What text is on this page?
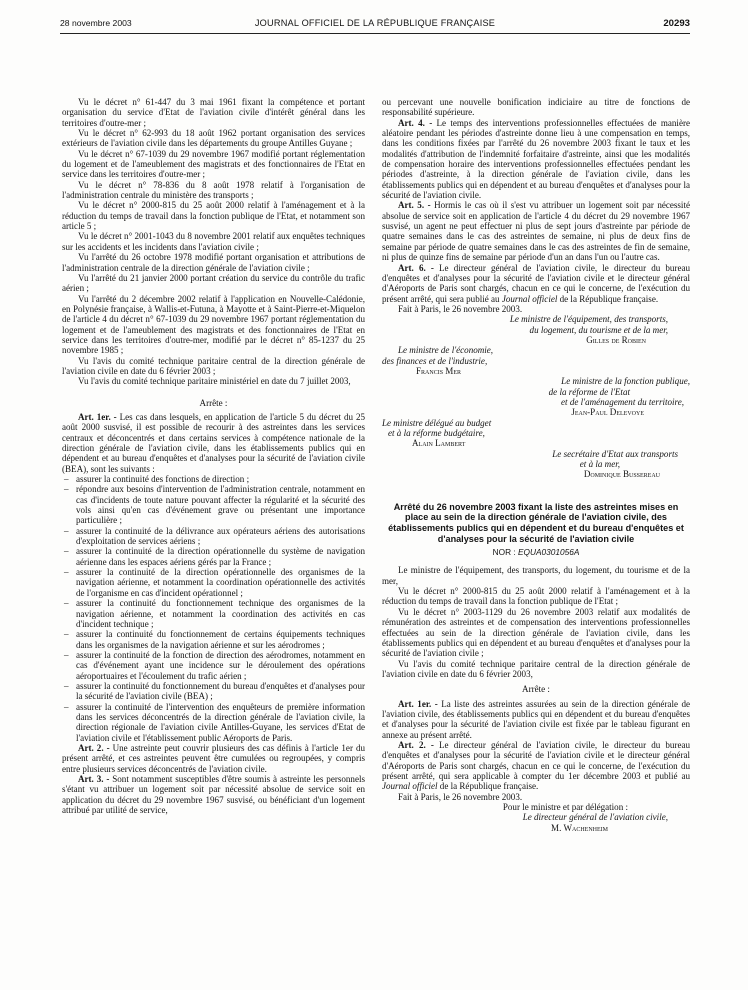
28 novembre 2003	JOURNAL OFFICIEL DE LA RÉPUBLIQUE FRANÇAISE	20293

Vu le décret n° 61-447 du 3 mai 1961 fixant la compétence et portant organisation du service d'Etat de l'aviation civile d'intérêt général dans les territoires d'outre-mer ;

Vu le décret n° 62-993 du 18 août 1962 portant organisation des services extérieurs de l'aviation civile dans les départements du groupe Antilles Guyane ;

Vu le décret n° 67-1039 du 29 novembre 1967 modifié portant réglementation du logement et de l'ameublement des magistrats et des fonctionnaires de l'Etat en service dans les territoires d'outre-mer ;

Vu le décret n° 78-836 du 8 août 1978 relatif à l'organisation de l'administration centrale du ministère des transports ;

Vu le décret n° 2000-815 du 25 août 2000 relatif à l'aménagement et à la réduction du temps de travail dans la fonction publique de l'Etat, et notamment son article 5 ;

Vu le décret n° 2001-1043 du 8 novembre 2001 relatif aux enquêtes techniques sur les accidents et les incidents dans l'aviation civile ;

Vu l'arrêté du 26 octobre 1978 modifié portant organisation et attributions de l'administration centrale de la direction générale de l'aviation civile ;

Vu l'arrêté du 21 janvier 2000 portant création du service du contrôle du trafic aérien ;

Vu l'arrêté du 2 décembre 2002 relatif à l'application en Nouvelle-Calédonie, en Polynésie française, à Wallis-et-Futuna, à Mayotte et à Saint-Pierre-et-Miquelon de l'article 4 du décret n° 67-1039 du 29 novembre 1967 portant réglementation du logement et de l'ameublement des magistrats et des fonctionnaires de l'Etat en service dans les territoires d'outre-mer, modifié par le décret n° 85-1237 du 25 novembre 1985 ;

Vu l'avis du comité technique paritaire central de la direction générale de l'aviation civile en date du 6 février 2003 ;

Vu l'avis du comité technique paritaire ministériel en date du 7 juillet 2003,

Arrête :

Art. 1er. - Les cas dans lesquels, en application de l'article 5 du décret du 25 août 2000 susvisé, il est possible de recourir à des astreintes dans les services centraux et déconcentrés et dans certains services à compétence nationale de la direction générale de l'aviation civile, dans les établissements publics qui en dépendent et au bureau d'enquêtes et d'analyses pour la sécurité de l'aviation civile (BEA), sont les suivants :

– assurer la continuité des fonctions de direction ;
– répondre aux besoins d'intervention de l'administration centrale, notamment en cas d'incidents de toute nature pouvant affecter la régularité et la sécurité des vols ainsi qu'en cas d'événement grave ou présentant une importance particulière ;
– assurer la continuité de la délivrance aux opérateurs aériens des autorisations d'exploitation de services aériens ;
– assurer la continuité de la direction opérationnelle du système de navigation aérienne dans les espaces aériens gérés par la France ;
– assurer la continuité de la direction opérationnelle des organismes de la navigation aérienne, et notamment la coordination opérationnelle des activités de l'organisme en cas d'incident opérationnel ;
– assurer la continuité du fonctionnement technique des organismes de la navigation aérienne, et notamment la coordination des activités en cas d'incident technique ;
– assurer la continuité du fonctionnement de certains équipements techniques dans les organismes de la navigation aérienne et sur les aérodromes ;
– assurer la continuité de la fonction de direction des aérodromes, notamment en cas d'événement ayant une incidence sur le déroulement des opérations aéroportuaires et l'écoulement du trafic aérien ;
– assurer la continuité du fonctionnement du bureau d'enquêtes et d'analyses pour la sécurité de l'aviation civile (BEA) ;
– assurer la continuité de l'intervention des enquêteurs de première information dans les services déconcentrés de la direction générale de l'aviation civile, la direction régionale de l'aviation civile Antilles-Guyane, les services d'Etat de l'aviation civile et l'établissement public Aéroports de Paris.

Art. 2. - Une astreinte peut couvrir plusieurs des cas définis à l'article 1er du présent arrêté, et ces astreintes peuvent être cumulées ou regroupées, y compris entre plusieurs services déconcentrés de l'aviation civile.

Art. 3. - Sont notamment susceptibles d'être soumis à astreinte les personnels s'étant vu attribuer un logement soit par nécessité absolue de service soit en application du décret du 29 novembre 1967 susvisé, ou bénéficiant d'un logement attribué par utilité de service,

ou percevant une nouvelle bonification indiciaire au titre de fonctions de responsabilité supérieure.

Art. 4. - Le temps des interventions professionnelles effectuées de manière aléatoire pendant les périodes d'astreinte donne lieu à une compensation en temps, dans les conditions fixées par l'arrêté du 26 novembre 2003 fixant le taux et les modalités d'attribution de l'indemnité forfaitaire d'astreinte, ainsi que les modalités de compensation horaire des interventions professionnelles effectuées pendant les périodes d'astreinte, à la direction générale de l'aviation civile, dans les établissements publics qui en dépendent et au bureau d'enquêtes et d'analyses pour la sécurité de l'aviation civile.

Art. 5. - Hormis le cas où il s'est vu attribuer un logement soit par nécessité absolue de service soit en application de l'article 4 du décret du 29 novembre 1967 susvisé, un agent ne peut effectuer ni plus de sept jours d'astreinte par période de quatre semaines dans le cas des astreintes de semaine, ni plus de deux fins de semaine par période de quatre semaines dans le cas des astreintes de fin de semaine, ni plus de quinze fins de semaine par période d'un an dans l'un ou l'autre cas.

Art. 6. - Le directeur général de l'aviation civile, le directeur du bureau d'enquêtes et d'analyses pour la sécurité de l'aviation civile et le directeur général d'Aéroports de Paris sont chargés, chacun en ce qui le concerne, de l'exécution du présent arrêté, qui sera publié au Journal officiel de la République française.

Fait à Paris, le 26 novembre 2003.

Le ministre de l'équipement, des transports,

du logement, du tourisme et de la mer,

Gilles de Robien

Le ministre de l'économie,

des finances et de l'industrie,

Francis Mer

Le ministre de la fonction publique,

de la réforme de l'Etat

et de l'aménagement du territoire,

Jean-Paul Delevoye

Le ministre délégué au budget

et à la réforme budgétaire,

Alain Lambert

Le secrétaire d'Etat aux transports

et à la mer,

Dominique Bussereau

Arrêté du 26 novembre 2003 fixant la liste des astreintes mises en place au sein de la direction générale de l'aviation civile, des établissements publics qui en dépendent et du bureau d'enquêtes et d'analyses pour la sécurité de l'aviation civile

NOR : EQUA0301056A

Le ministre de l'équipement, des transports, du logement, du tourisme et de la mer,

Vu le décret n° 2000-815 du 25 août 2000 relatif à l'aménagement et à la réduction du temps de travail dans la fonction publique de l'Etat ;

Vu le décret n° 2003-1129 du 26 novembre 2003 relatif aux modalités de rémunération des astreintes et de compensation des interventions professionnelles effectuées au sein de la direction générale de l'aviation civile, dans les établissements publics qui en dépendent et au bureau d'enquêtes et d'analyses pour la sécurité de l'aviation civile ;

Vu l'avis du comité technique paritaire central de la direction générale de l'aviation civile en date du 6 février 2003,

Arrête :

Art. 1er. - La liste des astreintes assurées au sein de la direction générale de l'aviation civile, des établissements publics qui en dépendent et du bureau d'enquêtes et d'analyses pour la sécurité de l'aviation civile est fixée par le tableau figurant en annexe au présent arrêté.

Art. 2. - Le directeur général de l'aviation civile, le directeur du bureau d'enquêtes et d'analyses pour la sécurité de l'aviation civile et le directeur général d'Aéroports de Paris sont chargés, chacun en ce qui le concerne, de l'exécution du présent arrêté, qui sera applicable à compter du 1er décembre 2003 et publié au Journal officiel de la République française.

Fait à Paris, le 26 novembre 2003.

Pour le ministre et par délégation :

Le directeur général de l'aviation civile,

M. Wachenheim
